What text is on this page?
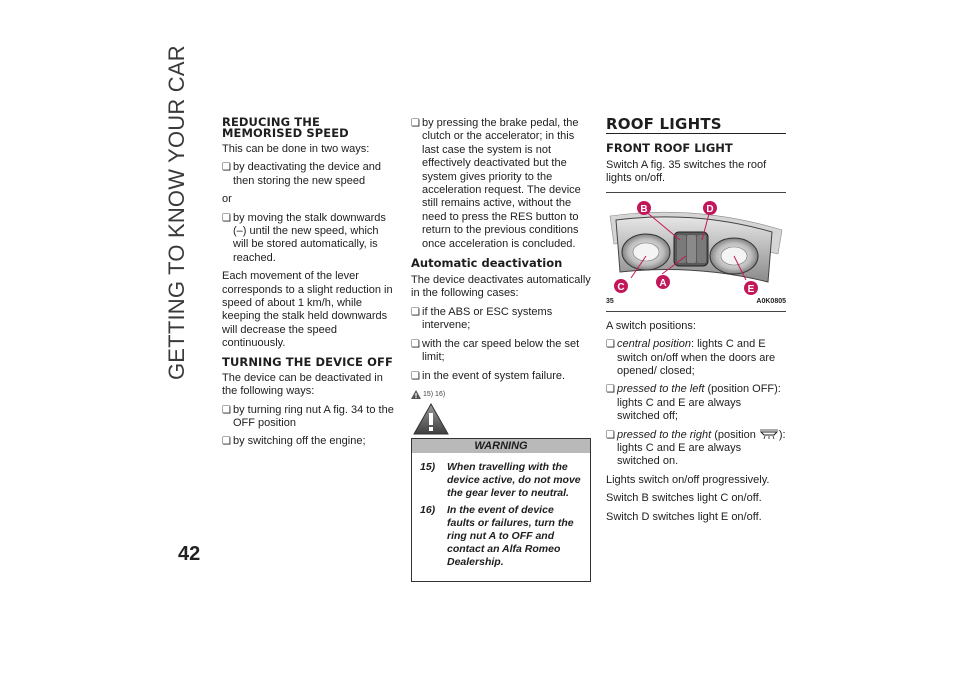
GETTING TO KNOW YOUR CAR
42
REDUCING THE MEMORISED SPEED

This can be done in two ways:

❏ by deactivating the device and then storing the new speed

or

❏ by moving the stalk downwards (–) until the new speed, which will be stored automatically, is reached.

Each movement of the lever corresponds to a slight reduction in speed of about 1 km/h, while keeping the stalk held downwards will decrease the speed continuously.

TURNING THE DEVICE OFF

The device can be deactivated in the following ways:

❏ by turning ring nut A fig. 34 to the OFF position
❏ by switching off the engine;
❏ by pressing the brake pedal, the clutch or the accelerator; in this last case the system is not effectively deactivated but the system gives priority to the acceleration request. The device still remains active, without the need to press the RES button to return to the previous conditions once acceleration is concluded.
Automatic deactivation

The device deactivates automatically in the following cases:

❏ if the ABS or ESC systems intervene;
❏ with the car speed below the set limit;
❏ in the event of system failure.
15) 16)
WARNING
15)	When travelling with the device active, do not move the gear lever to neutral.
16)	In the event of device faults or failures, turn the ring nut A to OFF and contact an Alfa Romeo Dealership.
ROOF LIGHTS
FRONT ROOF LIGHT

Switch A fig. 35 switches the roof lights on/off.

B	D
C	A
E
35	A0K0805

A switch positions:

❏ central position: lights C and E switch on/off when the doors are opened/ closed;
❏ pressed to the left (position OFF): lights C and E are always switched off;
❏ pressed to the right (position ): lights C and E are always switched on.

Lights switch on/off progressively.

Switch B switches light C on/off.

Switch D switches light E on/off.
